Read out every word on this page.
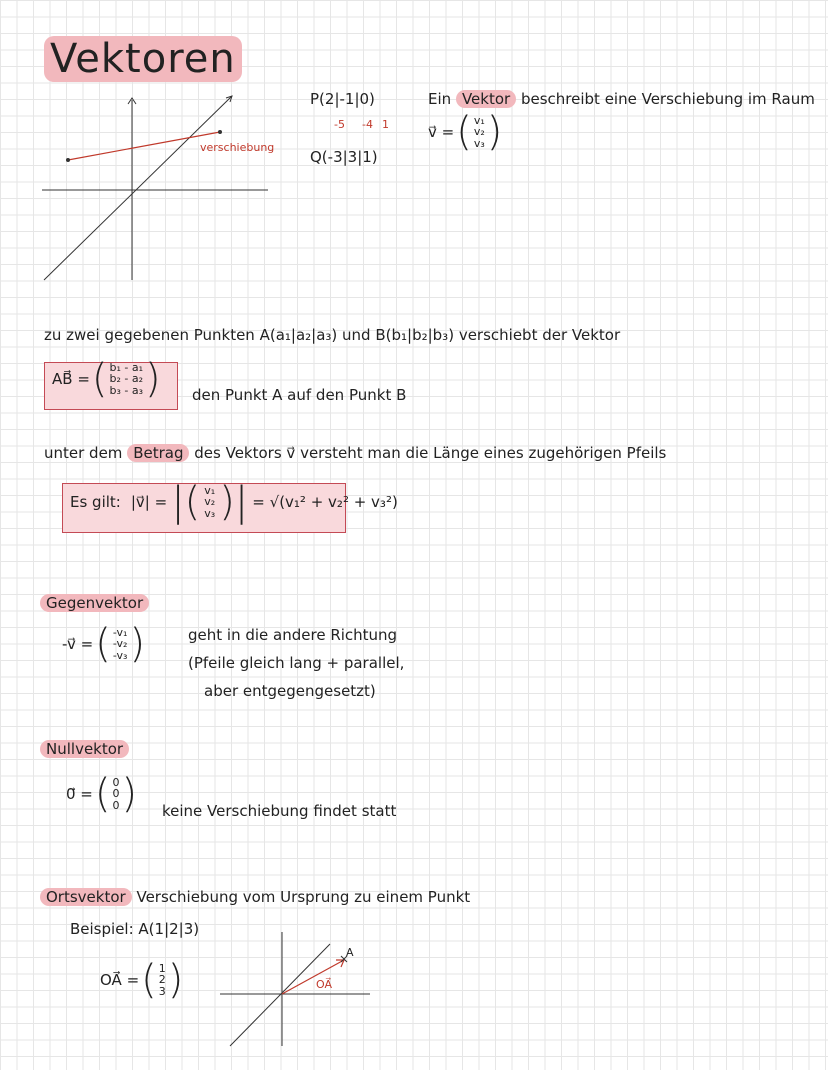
Vektoren
verschiebung
P(2|-1|0)
-5 -4 1
Q(-3|3|1)
Ein Vektor beschreibt eine Verschiebung im Raum
v⃗ = ( v₁
v₂
v₃ )
zu zwei gegebenen Punkten A(a₁|a₂|a₃) und B(b₁|b₂|b₃) verschiebt der Vektor
AB⃗ = ( b₁ - a₁
b₂ - a₂
b₃ - a₃ ) den Punkt A auf den Punkt B
unter dem Betrag des Vektors v⃗ versteht man die Länge eines zugehörigen Pfeils
Es gilt: |v⃗| = |( v₁
v₂
v₃ )| = √(v₁² + v₂² + v₃²)
Gegenvektor
-v⃗ = ( -v₁
-v₂
-v₃ )	geht in die andere Richtung
(Pfeile gleich lang + parallel,
aber entgegengesetzt)
Nullvektor
0⃗ = ( 0
0
0 ) keine Verschiebung findet statt
Ortsvektor Verschiebung vom Ursprung zu einem Punkt
Beispiel: A(1|2|3)
OA⃗ = ( 1
2
3 )
A
OA⃗
